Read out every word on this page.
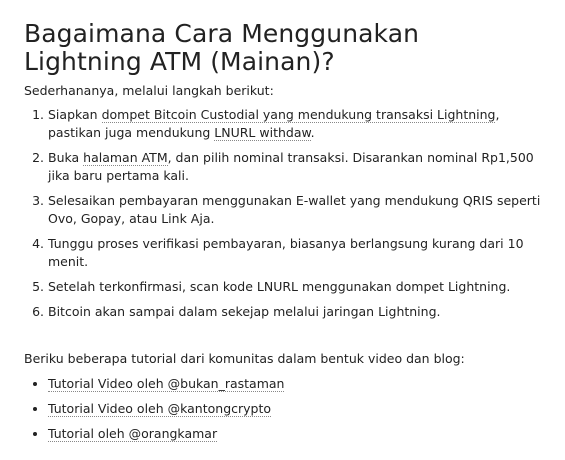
Bagaimana Cara Menggunakan Lightning ATM (Mainan)?

Sederhananya, melalui langkah berikut:

1. Siapkan dompet Bitcoin Custodial yang mendukung transaksi Lightning, pastikan juga mendukung LNURL withdaw.
2. Buka halaman ATM, dan pilih nominal transaksi. Disarankan nominal Rp1,500 jika baru pertama kali.
3. Selesaikan pembayaran menggunakan E-wallet yang mendukung QRIS seperti Ovo, Gopay, atau Link Aja.
4. Tunggu proses verifikasi pembayaran, biasanya berlangsung kurang dari 10 menit.
5. Setelah terkonfirmasi, scan kode LNURL menggunakan dompet Lightning.
6. Bitcoin akan sampai dalam sekejap melalui jaringan Lightning.

Beriku beberapa tutorial dari komunitas dalam bentuk video dan blog:

• Tutorial Video oleh @bukan_rastaman
• Tutorial Video oleh @kantongcrypto
• Tutorial oleh @orangkamar
